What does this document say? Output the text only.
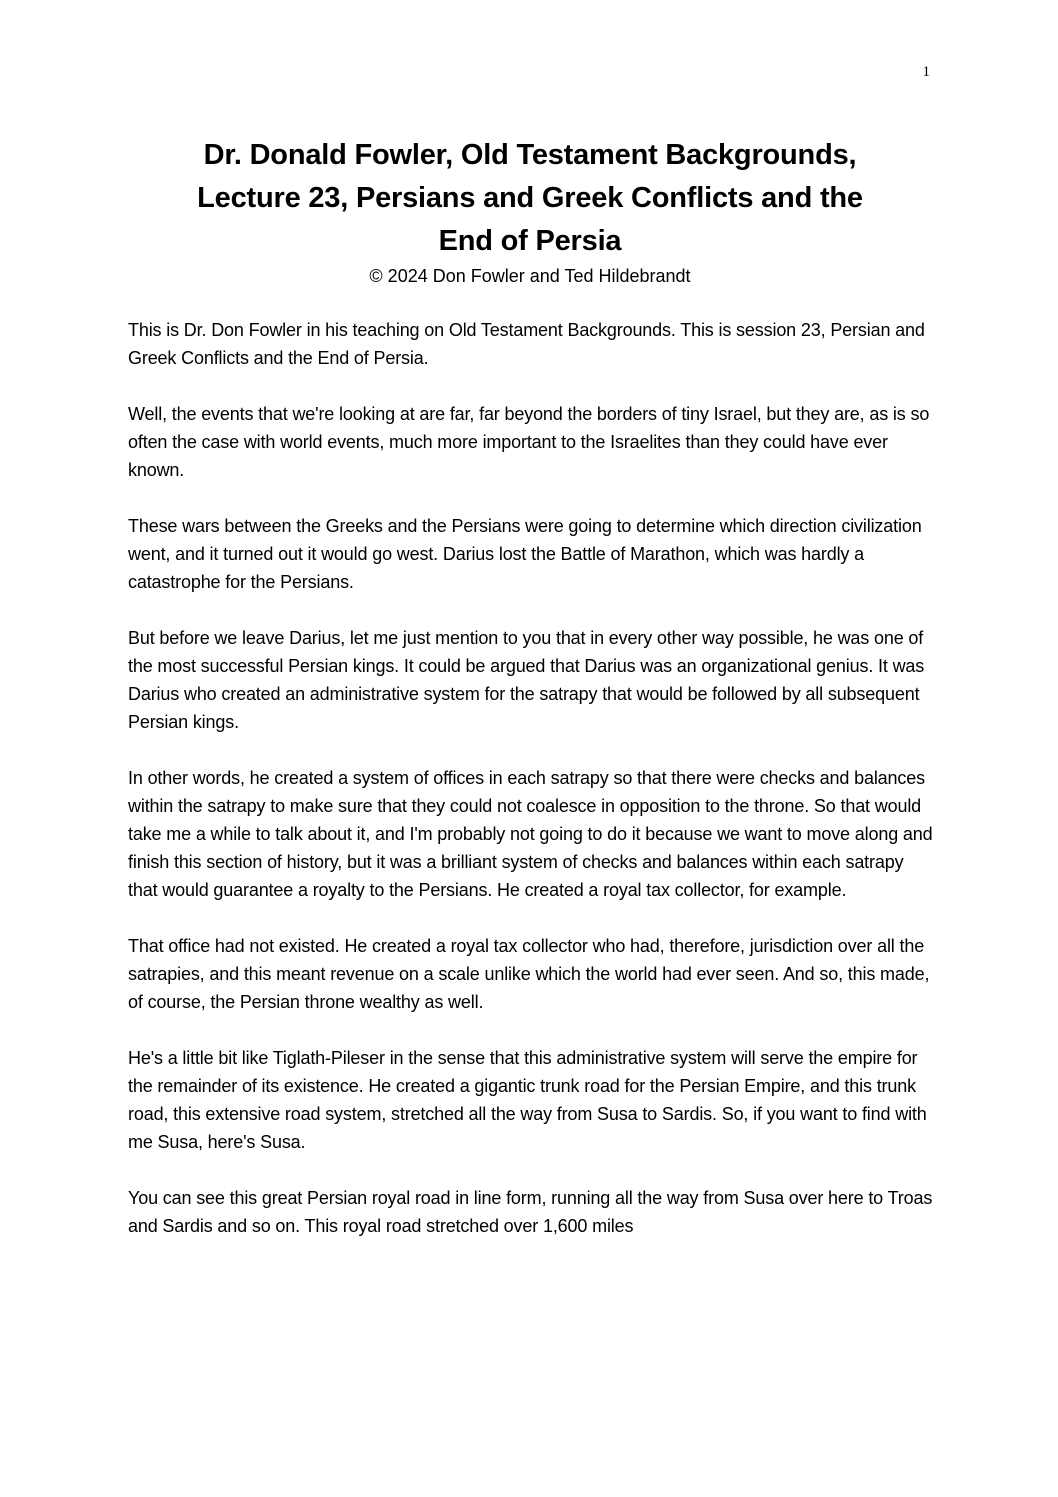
1
Dr. Donald Fowler, Old Testament Backgrounds,
Lecture 23, Persians and Greek Conflicts and the
End of Persia

© 2024 Don Fowler and Ted Hildebrandt

This is Dr. Don Fowler in his teaching on Old Testament Backgrounds. This is session 23, Persian and Greek Conflicts and the End of Persia.

Well, the events that we're looking at are far, far beyond the borders of tiny Israel, but they are, as is so often the case with world events, much more important to the Israelites than they could have ever known.

These wars between the Greeks and the Persians were going to determine which direction civilization went, and it turned out it would go west. Darius lost the Battle of Marathon, which was hardly a catastrophe for the Persians.

But before we leave Darius, let me just mention to you that in every other way possible, he was one of the most successful Persian kings. It could be argued that Darius was an organizational genius. It was Darius who created an administrative system for the satrapy that would be followed by all subsequent Persian kings.

In other words, he created a system of offices in each satrapy so that there were checks and balances within the satrapy to make sure that they could not coalesce in opposition to the throne. So that would take me a while to talk about it, and I'm probably not going to do it because we want to move along and finish this section of history, but it was a brilliant system of checks and balances within each satrapy that would guarantee a royalty to the Persians. He created a royal tax collector, for example.

That office had not existed. He created a royal tax collector who had, therefore, jurisdiction over all the satrapies, and this meant revenue on a scale unlike which the world had ever seen. And so, this made, of course, the Persian throne wealthy as well.

He's a little bit like Tiglath-Pileser in the sense that this administrative system will serve the empire for the remainder of its existence. He created a gigantic trunk road for the Persian Empire, and this trunk road, this extensive road system, stretched all the way from Susa to Sardis. So, if you want to find with me Susa, here's Susa.

You can see this great Persian royal road in line form, running all the way from Susa over here to Troas and Sardis and so on. This royal road stretched over 1,600 miles
